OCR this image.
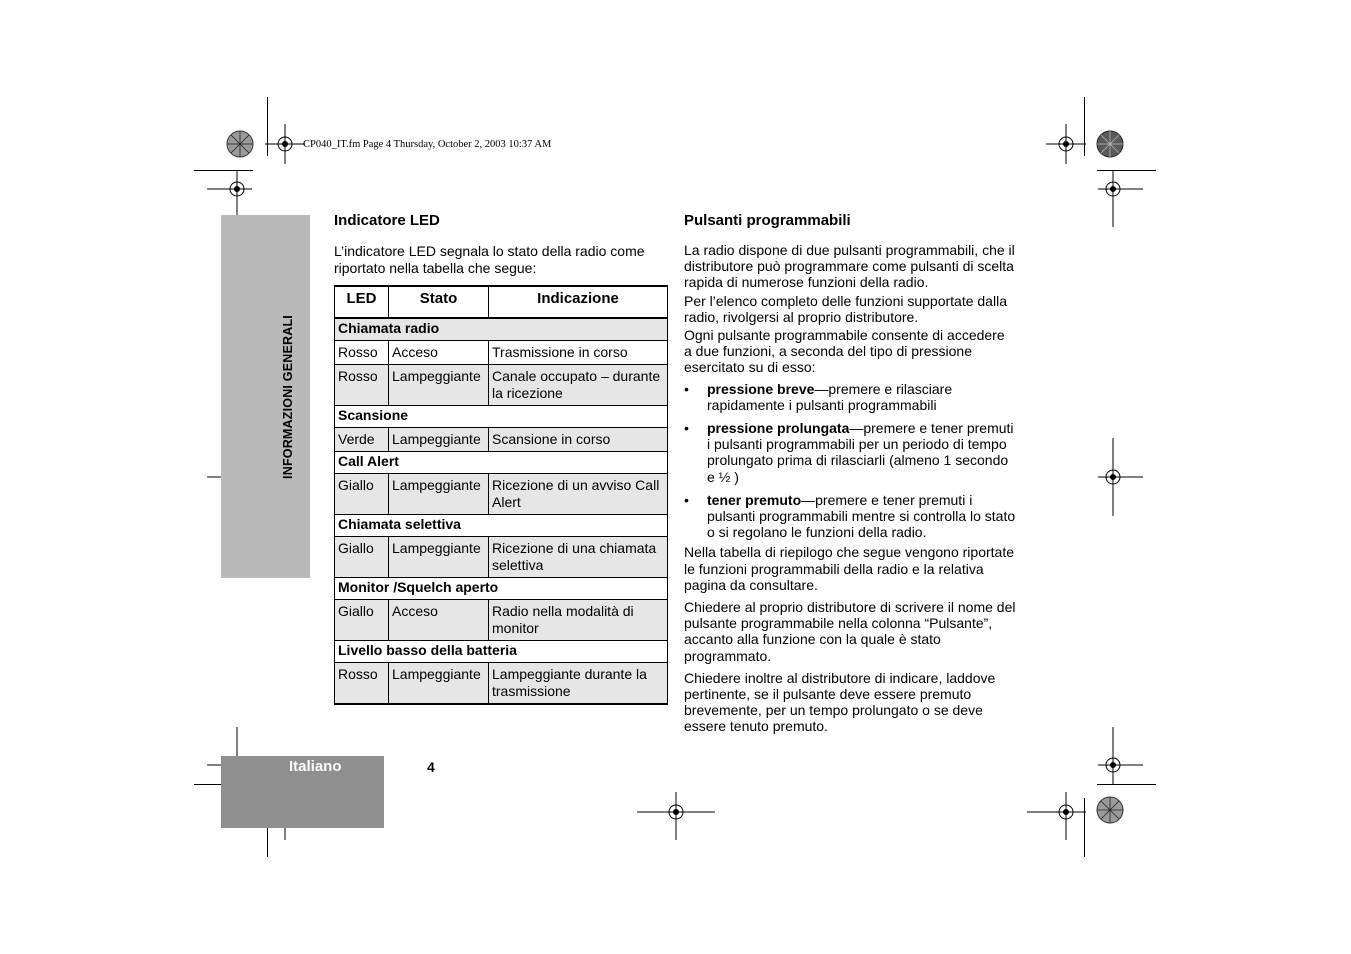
CP040_IT.fm Page 4 Thursday, October 2, 2003 10:37 AM
INFORMAZIONI GENERALI
Italiano	4
Indicatore LED
L’indicatore LED segnala lo stato della radio come riportato nella tabella che segue:
LED	Stato	Indicazione
Chiamata radio		
Rosso	Acceso	Trasmissione in corso
Rosso	Lampeggiante	Canale occupato – durante la ricezione
Scansione		
Verde	Lampeggiante	Scansione in corso
Call Alert		
Giallo	Lampeggiante	Ricezione di un avviso Call Alert
Chiamata selettiva		
Giallo	Lampeggiante	Ricezione di una chiamata selettiva
Monitor /Squelch aperto		
Giallo	Acceso	Radio nella modalità di monitor
Livello basso della batteria		
Rosso	Lampeggiante	Lampeggiante durante la trasmissione
Pulsanti programmabili

La radio dispone di due pulsanti programmabili, che il distributore può programmare come pulsanti di scelta rapida di numerose funzioni della radio.

Per l’elenco completo delle funzioni supportate dalla radio, rivolgersi al proprio distributore.

Ogni pulsante programmabile consente di accedere a due funzioni, a seconda del tipo di pressione esercitato su di esso:

• pressione breve—premere e rilasciare rapidamente i pulsanti programmabili
• pressione prolungata—premere e tener premuti i pulsanti programmabili per un periodo di tempo prolungato prima di rilasciarli (almeno 1 secondo e ½ )
• tener premuto—premere e tener premuti i pulsanti programmabili mentre si controlla lo stato o si regolano le funzioni della radio.

Nella tabella di riepilogo che segue vengono riportate le funzioni programmabili della radio e la relativa pagina da consultare.

Chiedere al proprio distributore di scrivere il nome del pulsante programmabile nella colonna “Pulsante”, accanto alla funzione con la quale è stato programmato.

Chiedere inoltre al distributore di indicare, laddove pertinente, se il pulsante deve essere premuto brevemente, per un tempo prolungato o se deve essere tenuto premuto.
